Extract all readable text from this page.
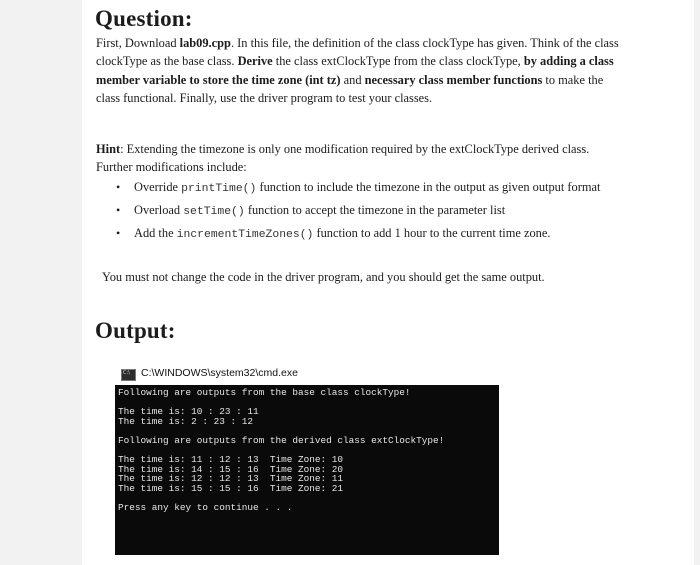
Question:

First, Download lab09.cpp. In this file, the definition of the class clockType has given. Think of the class clockType as the base class. Derive the class extClockType from the class clockType, by adding a class member variable to store the time zone (int tz) and necessary class member functions to make the class functional. Finally, use the driver program to test your classes.

Hint: Extending the timezone is only one modification required by the extClockType derived class. Further modifications include:

• Override printTime() function to include the timezone in the output as given output format
• Overload setTime() function to accept the timezone in the parameter list
• Add the incrementTimeZones() function to add 1 hour to the current time zone.

You must not change the code in the driver program, and you should get the same output.

Output:
C:\
C:\WINDOWS\system32\cmd.exe
Following are outputs from the base class clockType!
The time is: 10 : 23 : 11
The time is: 2 : 23 : 12
Following are outputs from the derived class extClockType!
The time is: 11 : 12 : 13  Time Zone: 10
The time is: 14 : 15 : 16  Time Zone: 20
The time is: 12 : 12 : 13  Time Zone: 11
The time is: 15 : 15 : 16  Time Zone: 21
Press any key to continue . . .
